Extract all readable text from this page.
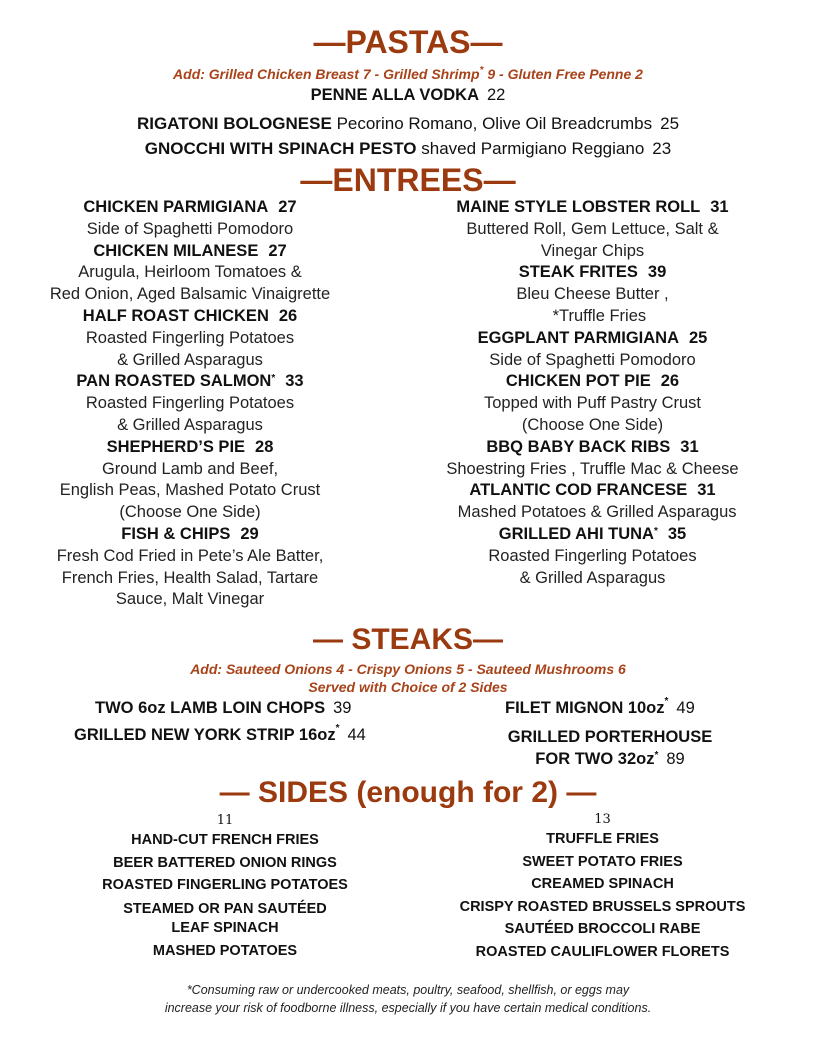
—PASTAS—
Add: Grilled Chicken Breast 7 - Grilled Shrimp* 9 - Gluten Free Penne 2
PENNE ALLA VODKA 22
RIGATONI BOLOGNESE Pecorino Romano, Olive Oil Breadcrumbs 25
GNOCCHI WITH SPINACH PESTO shaved Parmigiano Reggiano 23
—ENTREES—
CHICKEN PARMIGIANA 27
Side of Spaghetti Pomodoro
CHICKEN MILANESE 27
Arugula, Heirloom Tomatoes &
Red Onion, Aged Balsamic Vinaigrette
HALF ROAST CHICKEN 26
Roasted Fingerling Potatoes
& Grilled Asparagus
PAN ROASTED SALMON* 33
Roasted Fingerling Potatoes
& Grilled Asparagus
SHEPHERD’S PIE 28
Ground Lamb and Beef,
English Peas, Mashed Potato Crust
(Choose One Side)
FISH & CHIPS 29
Fresh Cod Fried in Pete’s Ale Batter,
French Fries, Health Salad, Tartare
Sauce, Malt Vinegar
MAINE STYLE LOBSTER ROLL 31
Buttered Roll, Gem Lettuce, Salt &
Vinegar Chips
STEAK FRITES 39
Bleu Cheese Butter ,
*Truffle Fries
EGGPLANT PARMIGIANA 25
Side of Spaghetti Pomodoro
CHICKEN POT PIE 26
Topped with Puff Pastry Crust
(Choose One Side)
BBQ BABY BACK RIBS 31
Shoestring Fries , Truffle Mac & Cheese
ATLANTIC COD FRANCESE 31
Mashed Potatoes & Grilled Asparagus
GRILLED AHI TUNA* 35
Roasted Fingerling Potatoes
& Grilled Asparagus
— STEAKS—
Add: Sauteed Onions 4 - Crispy Onions 5 - Sauteed Mushrooms 6
Served with Choice of 2 Sides
TWO 6oz LAMB LOIN CHOPS 39
GRILLED NEW YORK STRIP 16oz* 44
FILET MIGNON 10oz* 49
GRILLED PORTERHOUSE
FOR TWO 32oz* 89
— SIDES (enough for 2) —
11
HAND-CUT FRENCH FRIES
BEER BATTERED ONION RINGS
ROASTED FINGERLING POTATOES
STEAMED OR PAN SAUTÉED
LEAF SPINACH
MASHED POTATOES
13
TRUFFLE FRIES
SWEET POTATO FRIES
CREAMED SPINACH
CRISPY ROASTED BRUSSELS SPROUTS
SAUTÉED BROCCOLI RABE
ROASTED CAULIFLOWER FLORETS
*Consuming raw or undercooked meats, poultry, seafood, shellfish, or eggs may
increase your risk of foodborne illness, especially if you have certain medical conditions.
